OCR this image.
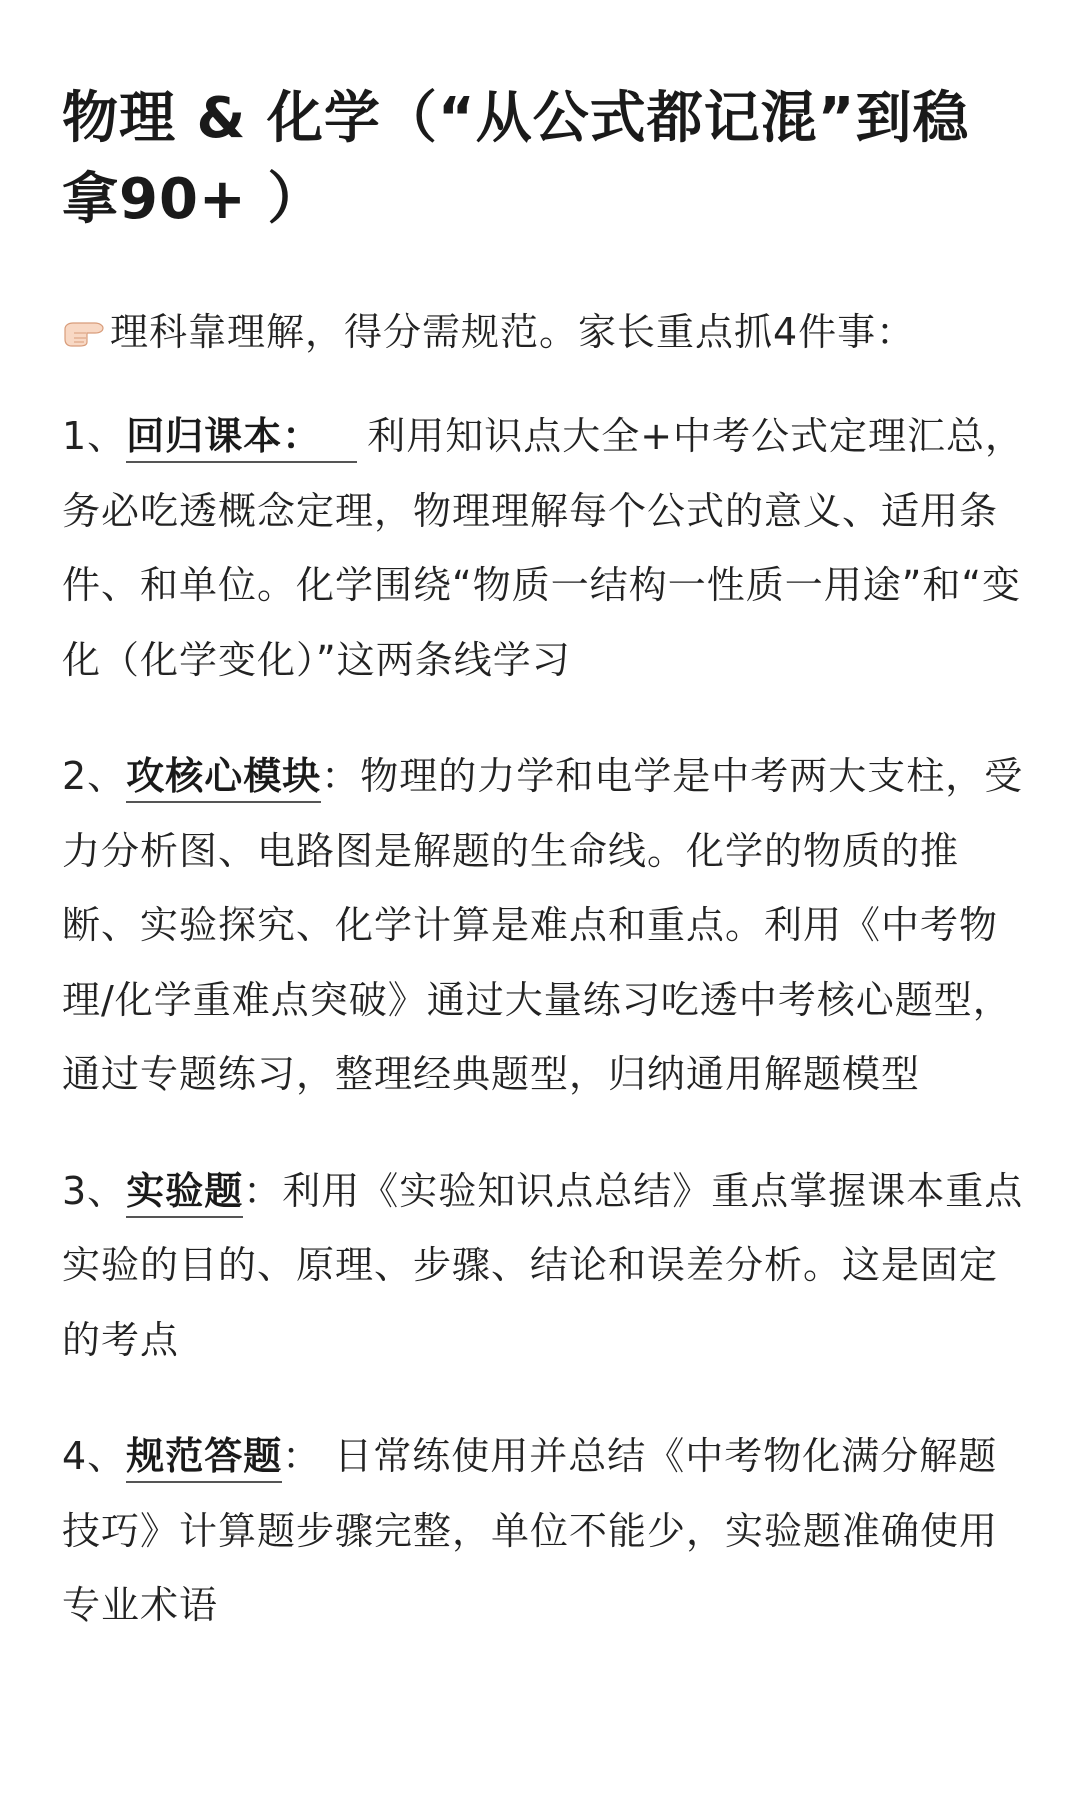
物理 & 化学（“从公式都记混”到稳拿90+ ）
理科靠理解，得分需规范。家长重点抓4件事：
1、回归课本： 利用知识点大全+中考公式定理汇总，务必吃透概念定理，物理理解每个公式的意义、适用条件、和单位。化学围绕“物质一结构一性质一用途”和“变化（化学变化）”这两条线学习
2、攻核心模块：物理的力学和电学是中考两大支柱，受力分析图、电路图是解题的生命线。化学的物质的推断、实验探究、化学计算是难点和重点。利用《中考物理/化学重难点突破》通过大量练习吃透中考核心题型，通过专题练习，整理经典题型，归纳通用解题模型
3、实验题：利用《实验知识点总结》重点掌握课本重点实验的目的、原理、步骤、结论和误差分析。这是固定的考点
4、规范答题： 日常练使用并总结《中考物化满分解题技巧》计算题步骤完整，单位不能少，实验题准确使用专业术语
